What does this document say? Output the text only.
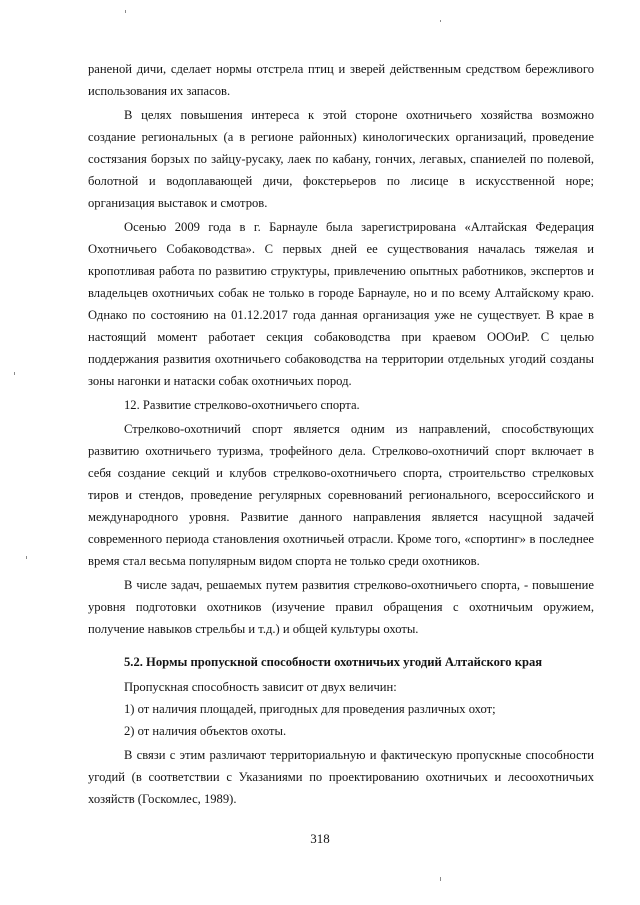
раненой дичи, сделает нормы отстрела птиц и зверей действенным средством бережливого использования их запасов.

В целях повышения интереса к этой стороне охотничьего хозяйства возможно создание региональных (а в регионе районных) кинологических организаций, проведение состязания борзых по зайцу-русаку, лаек по кабану, гончих, легавых, спаниелей по полевой, болотной и водоплавающей дичи, фокстерьеров по лисице в искусственной норе; организация выставок и смотров.

Осенью 2009 года в г. Барнауле была зарегистрирована «Алтайская Федерация Охотничьего Собаководства». С первых дней ее существования началась тяжелая и кропотливая работа по развитию структуры, привлечению опытных работников, экспертов и владельцев охотничьих собак не только в городе Барнауле, но и по всему Алтайскому краю. Однако по состоянию на 01.12.2017 года данная организация уже не существует. В крае в настоящий момент работает секция собаководства при краевом ОООиР. С целью поддержания развития охотничьего собаководства на территории отдельных угодий созданы зоны нагонки и натаски собак охотничьих пород.

12. Развитие стрелково-охотничьего спорта.

Стрелково-охотничий спорт является одним из направлений, способствующих развитию охотничьего туризма, трофейного дела. Стрелково-охотничий спорт включает в себя создание секций и клубов стрелково-охотничьего спорта, строительство стрелковых тиров и стендов, проведение регулярных соревнований регионального, всероссийского и международного уровня. Развитие данного направления является насущной задачей современного периода становления охотничьей отрасли. Кроме того, «спортинг» в последнее время стал весьма популярным видом спорта не только среди охотников.

В числе задач, решаемых путем развития стрелково-охотничьего спорта, - повышение уровня подготовки охотников (изучение правил обращения с охотничьим оружием, получение навыков стрельбы и т.д.) и общей культуры охоты.

5.2. Нормы пропускной способности охотничьих угодий Алтайского края

Пропускная способность зависит от двух величин:

1) от наличия площадей, пригодных для проведения различных охот;

2) от наличия объектов охоты.

В связи с этим различают территориальную и фактическую пропускные способности угодий (в соответствии с Указаниями по проектированию охотничьих и лесоохотничьих хозяйств (Госкомлес, 1989).

318
